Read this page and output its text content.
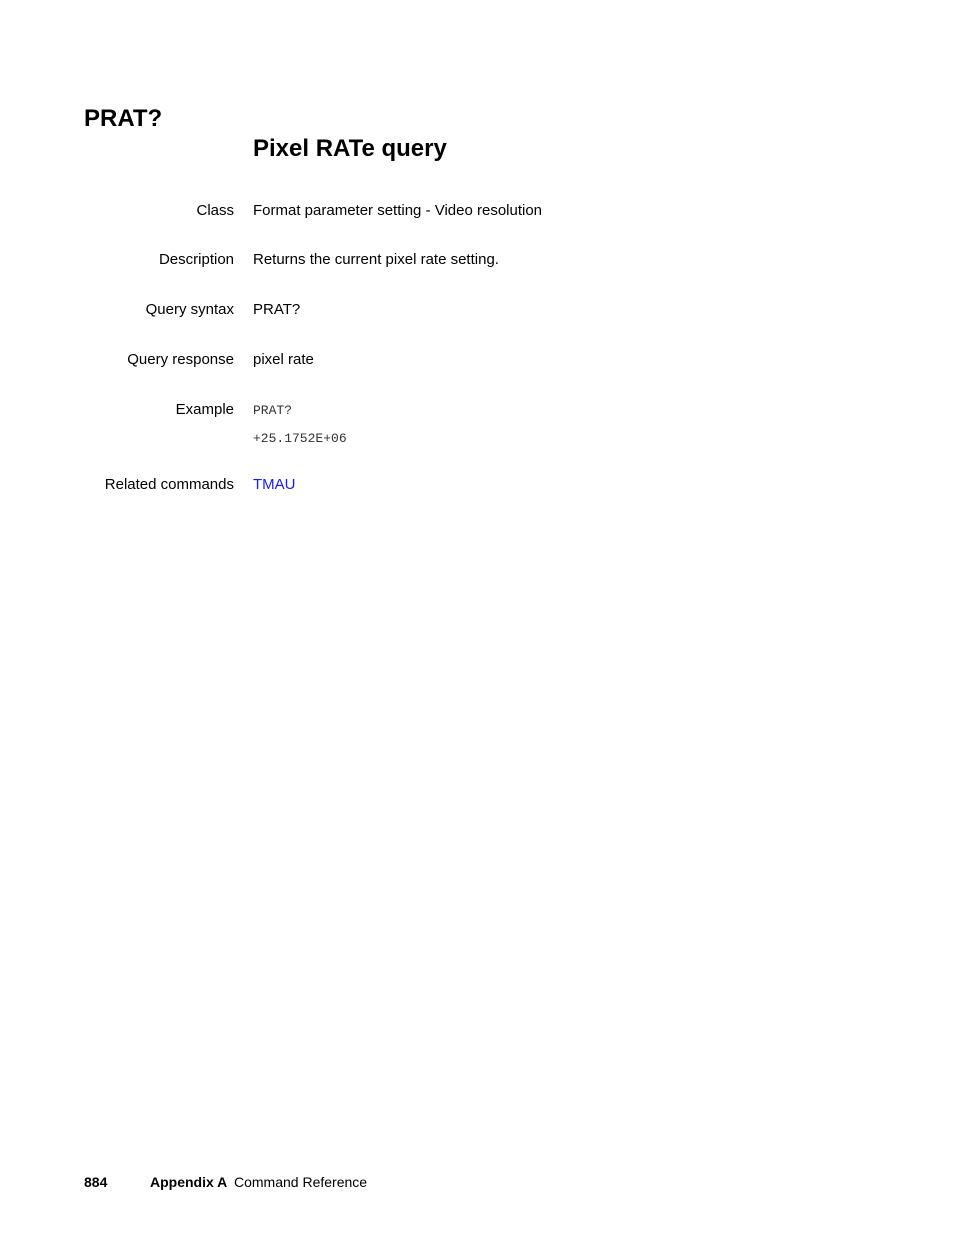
PRAT?
Pixel RATe query
Class Format parameter setting - Video resolution
Description Returns the current pixel rate setting.
Query syntax PRAT?
Query response pixel rate
Example PRAT?
+25.1752E+06
Related commands TMAU
884	Appendix A Command Reference
